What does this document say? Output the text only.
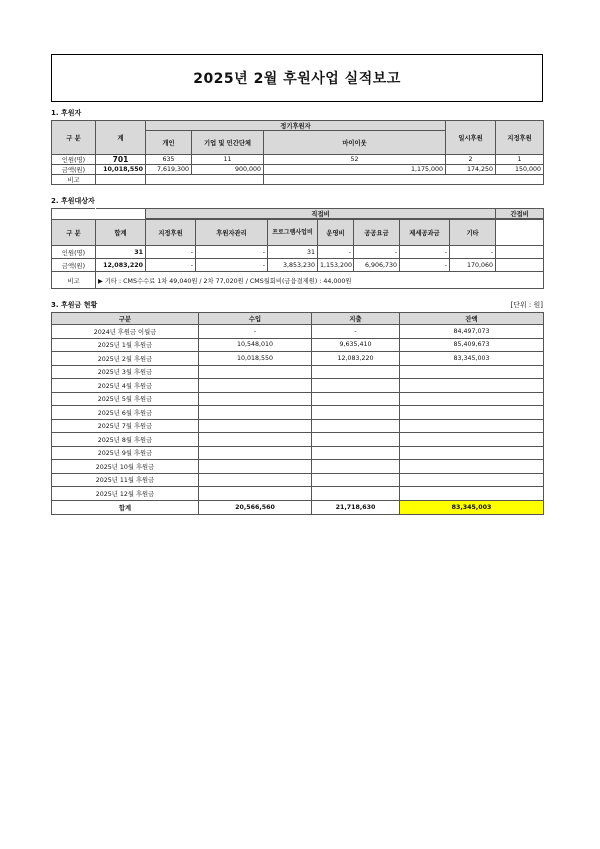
2025년 2월 후원사업 실적보고
1. 후원자
구 분	계	정기후원자			일시후원	지정후원
		개인	기업 및 민간단체	마이이웃		
인원(명)	701	635	11	52	2	1
금액(원)	10,018,550	7,619,300	900,000	1,175,000	174,250	150,000
비고						
2. 후원대상자
		직접비							간접비

구 분	합계	지정후원	후원자관리	프로그램사업비	운영비	공공요금	제세공과금	기타	
인원(명)	31	-	-	31	-	-	-	-	
금액(원)	12,083,220	-	-	3,853,230	1,153,200	6,906,730	-	170,060	
비고	▶ 기타 : CMS수수료 1차 49,040원 / 2차 77,020원 / CMS월회비(금융결제원) : 44,000원								
3. 후원금 현황	[단위 : 원]
구분	수입	지출	잔액
2024년 후원금 이월금	-	-	84,497,073
2025년 1월 후원금	10,548,010	9,635,410	85,409,673
2025년 2월 후원금	10,018,550	12,083,220	83,345,003
2025년 3월 후원금			
2025년 4월 후원금			
2025년 5월 후원금			
2025년 6월 후원금			
2025년 7월 후원금			
2025년 8월 후원금			
2025년 9월 후원금			
2025년 10월 후원금			
2025년 11월 후원금			
2025년 12월 후원금			
합계	20,566,560	21,718,630	83,345,003
